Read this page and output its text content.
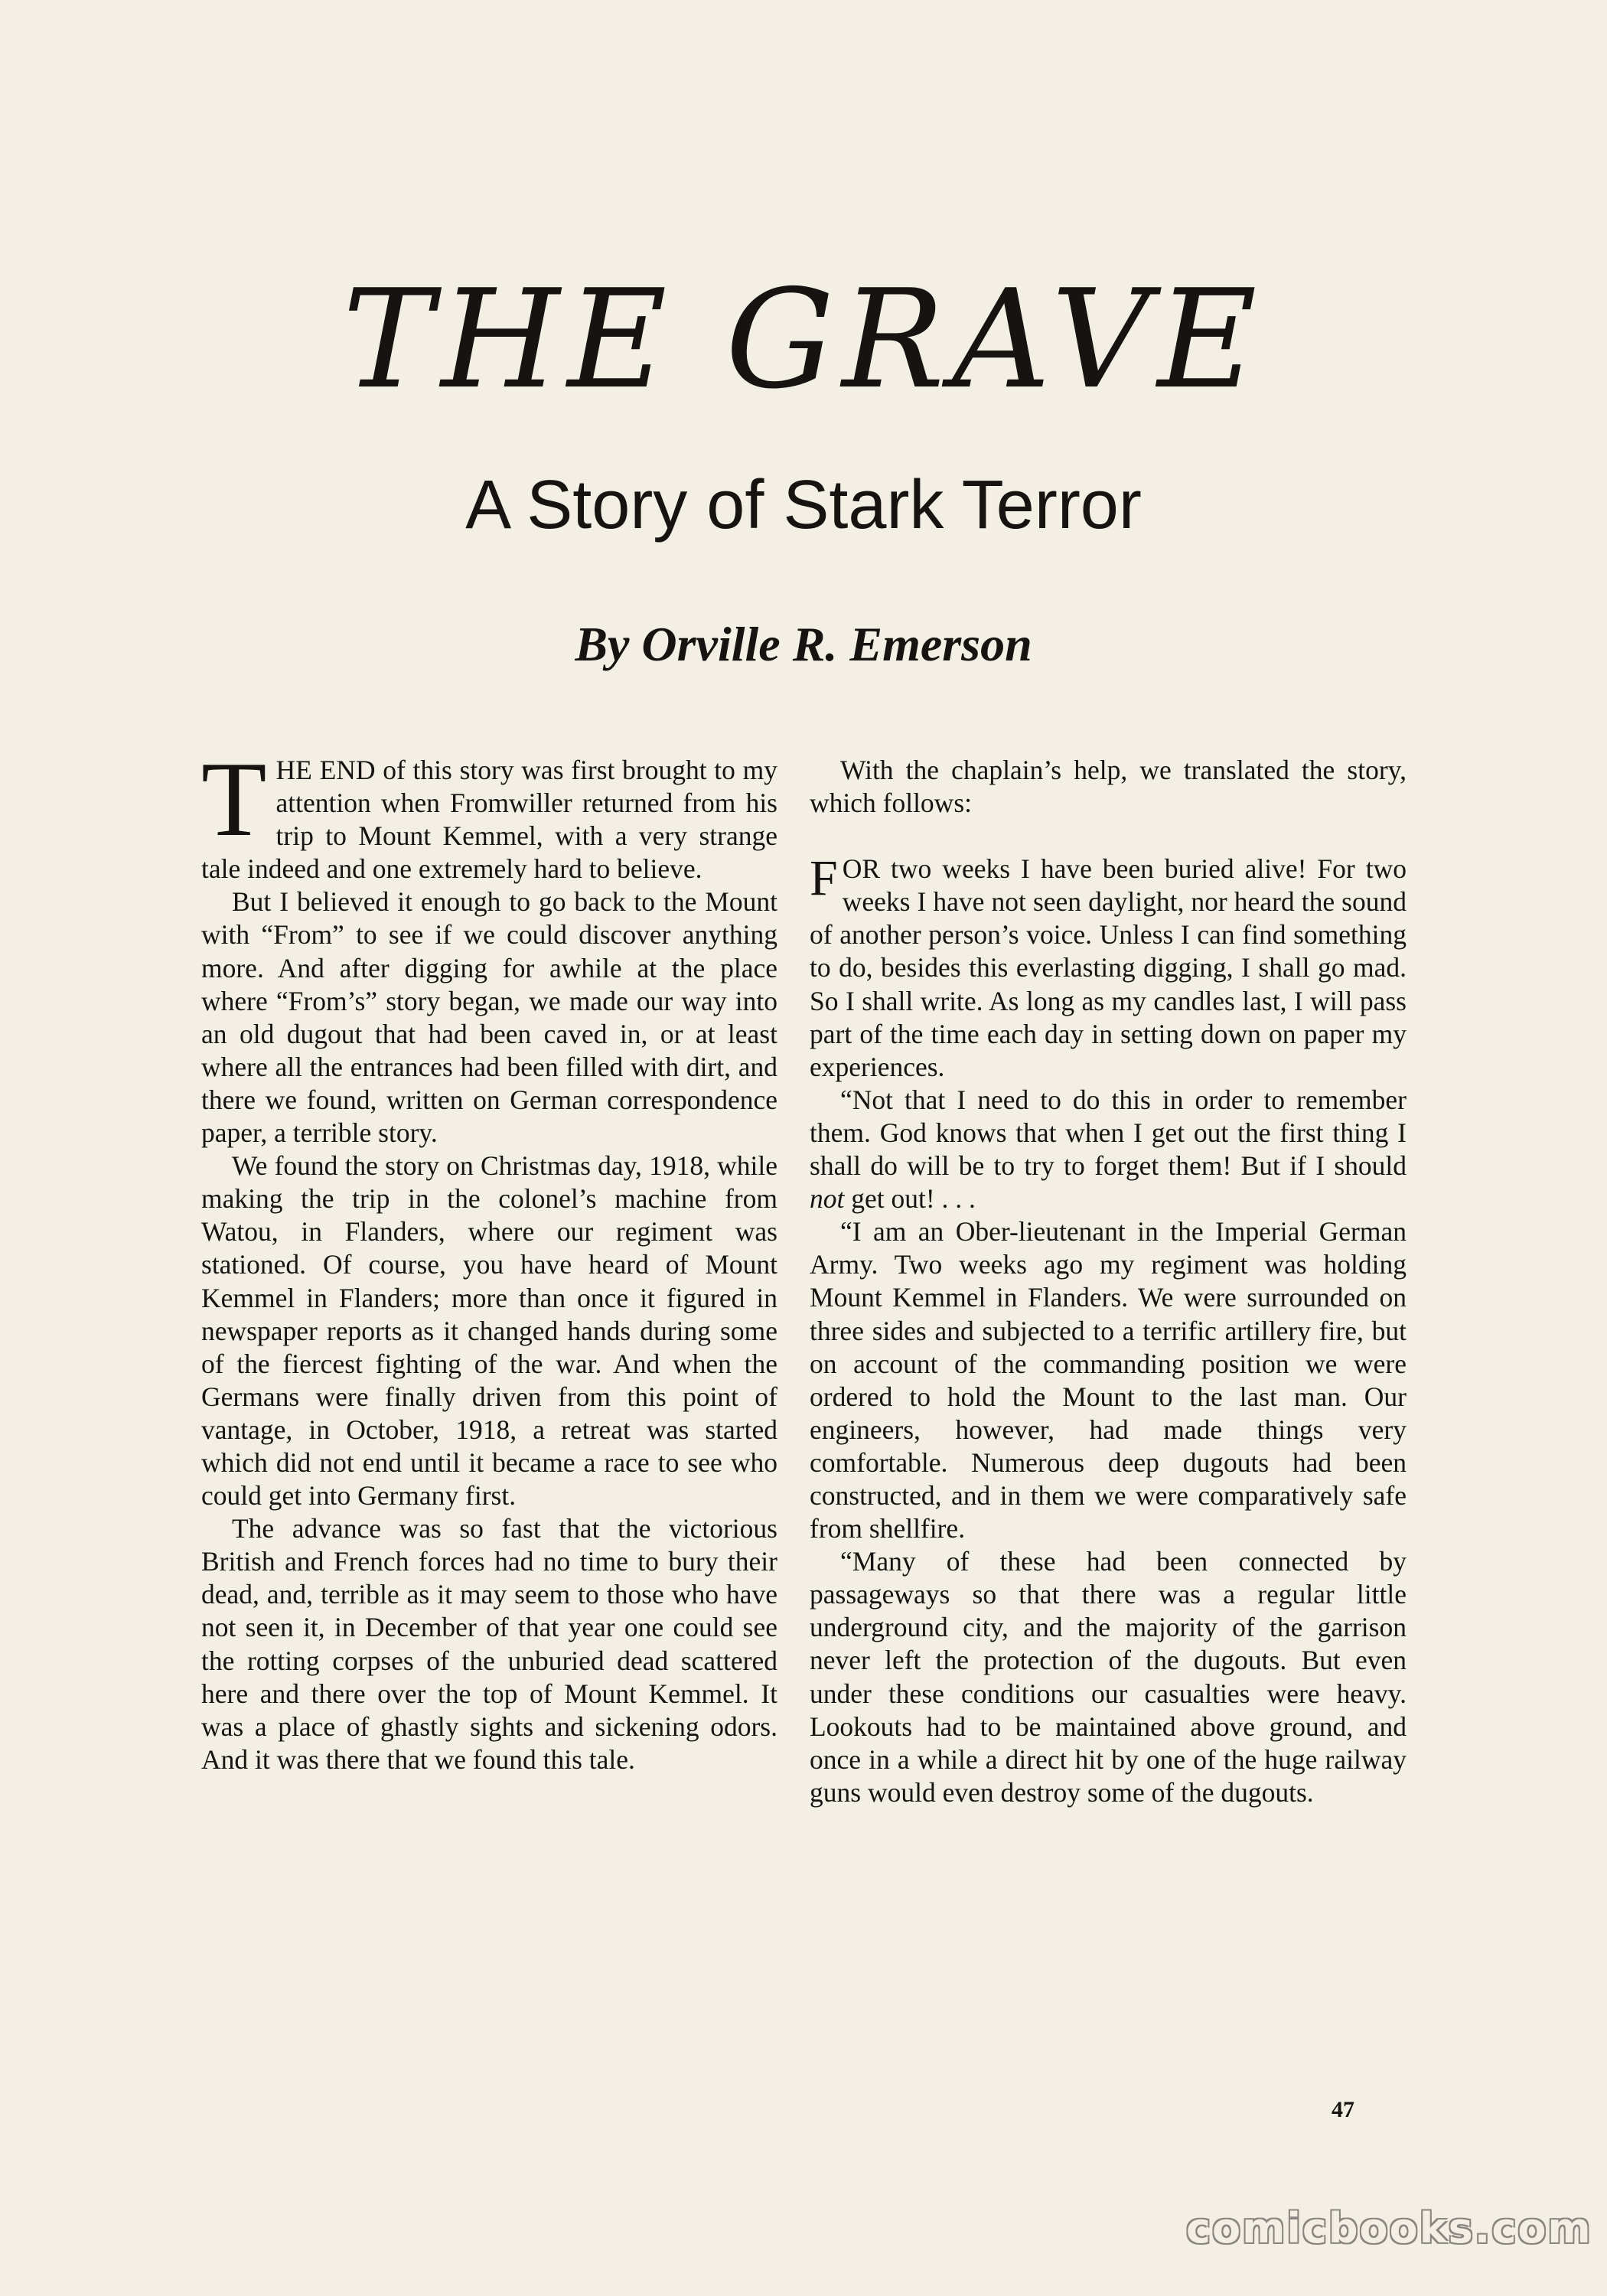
THE GRAVE
A Story of Stark Terror
By Orville R. Emerson

THE END of this story was first brought to my attention when Fromwiller returned from his trip to Mount Kemmel, with a very strange tale indeed and one extremely hard to believe.

But I believed it enough to go back to the Mount with “From” to see if we could discover anything more. And after digging for awhile at the place where “From’s” story began, we made our way into an old dugout that had been caved in, or at least where all the entrances had been filled with dirt, and there we found, written on German correspondence paper, a terrible story.

We found the story on Christmas day, 1918, while making the trip in the colonel’s machine from Watou, in Flanders, where our regiment was stationed. Of course, you have heard of Mount Kemmel in Flanders; more than once it figured in newspaper reports as it changed hands during some of the fiercest fighting of the war. And when the Germans were finally driven from this point of vantage, in October, 1918, a retreat was started which did not end until it became a race to see who could get into Germany first.

The advance was so fast that the victorious British and French forces had no time to bury their dead, and, terrible as it may seem to those who have not seen it, in December of that year one could see the rotting corpses of the unburied dead scattered here and there over the top of Mount Kemmel. It was a place of ghastly sights and sickening odors. And it was there that we found this tale.

With the chaplain’s help, we translated the story, which follows:

FOR two weeks I have been buried alive! For two weeks I have not seen daylight, nor heard the sound of another person’s voice. Unless I can find something to do, besides this everlasting digging, I shall go mad. So I shall write. As long as my candles last, I will pass part of the time each day in setting down on paper my experiences.

“Not that I need to do this in order to remember them. God knows that when I get out the first thing I shall do will be to try to forget them! But if I should not get out! . . .

“I am an Ober-lieutenant in the Imperial German Army. Two weeks ago my regiment was holding Mount Kemmel in Flanders. We were surrounded on three sides and subjected to a terrific artillery fire, but on account of the commanding position we were ordered to hold the Mount to the last man. Our engineers, however, had made things very comfortable. Numerous deep dugouts had been constructed, and in them we were comparatively safe from shellfire.

“Many of these had been connected by passageways so that there was a regular little underground city, and the majority of the garrison never left the protection of the dugouts. But even under these conditions our casualties were heavy. Lookouts had to be maintained above ground, and once in a while a direct hit by one of the huge railway guns would even destroy some of the dugouts.

47
comicbooks.com
